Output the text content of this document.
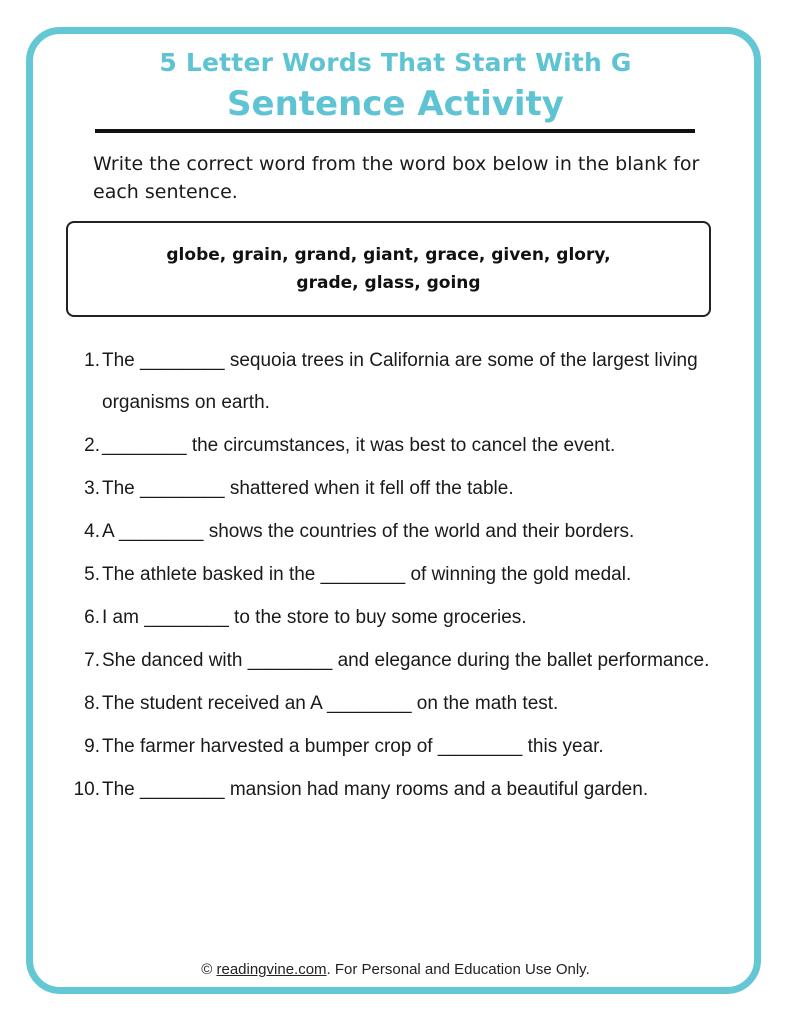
5 Letter Words That Start With G
Sentence Activity
Write the correct word from the word box below in the blank for each sentence.
globe, grain, grand, giant, grace, given, glory,
grade, glass, going
1. The ________ sequoia trees in California are some of the largest living organisms on earth.
2. ________ the circumstances, it was best to cancel the event.
3. The ________ shattered when it fell off the table.
4. A ________ shows the countries of the world and their borders.
5. The athlete basked in the ________ of winning the gold medal.
6. I am ________ to the store to buy some groceries.
7. She danced with ________ and elegance during the ballet performance.
8. The student received an A ________ on the math test.
9. The farmer harvested a bumper crop of ________ this year.
10. The ________ mansion had many rooms and a beautiful garden.
© readingvine.com. For Personal and Education Use Only.
